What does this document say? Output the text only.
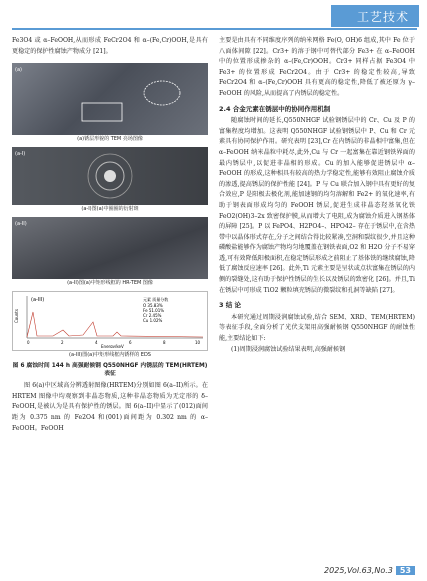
工艺技术

Fe3O4 或 α–FeOOH,从而形成 FeCr2O4 和 α–(Fe,Cr)OOH,是具有更稳定的保护性腐蚀产物成分 [21]。

(a)
(a)锈层形貌的 TEM 亮场图像
(a-I)
(a-I)图(a)中圈圈的衍射斑
(a-II)
(a-II)图(a)中矩形线框的 HR-TEM 图像
(a-III)	元素 质量分数
O 35.83%
Fe 51.01%
Cr 2.45%
Cu 1.02%
Counts
0	2	4	6	8	10
Energy/keV
(a-III)图(a)中矩形线框内锈样的 EDS
图 6 腐蚀时间 144 h 高强耐候钢 Q550NHGF 内锈层的 TEM(HRTEM)表征

图 6(a)中区域高分辨透射图像(HRTEM)分别如图 6(a–II)所示。在 HRTEM 图像中均观察到非晶态物质,这种非晶态物质为无定形的 δ–FeOOH,是被认为是具有保护性的锈层。图 6(a–II)中显示了(012)面间距为 0.375 nm 的 Fe2O4 和(001)面间距为 0.302 nm 的 α–FeOOH。FeOOH

主要是由具有不同维度序列的纳米网格 Fe(O, OH)6 组成,其中 Fe 位于八面体间隙 [22]。Cr3+ 的溶于钢中可替代部分 Fe3+ 在 α–FeOOH 中的位置形成掺杂的 α–(Fe,Cr)OOH。Cr3+ 同样占据 Fe3O4 中 Fe3+ 的位置形成 FeCr2O4。由于 Cr3+ 的稳定性较高,导致 FeCr2O4 和 α–(Fe,Cr)OOH 具有更高的稳定性,降低了被还原为 γ–FeOOH 的风险,从而提高了内锈层的稳定性。

2.4 合金元素在锈层中的协同作用机制

随腐蚀时间的延长,Q550NHGF 试验钢锈层中的 Cr、Cu 及 P 的富集程度均增加。这表明 Q550NHGF 试验钢锈层中 P、Cu 和 Cr 元素具有协同保护作用。研究表明 [23],Cr 在内锈层的非晶相中富集,但在 α–FeOOH 纳米晶粒中耗尽,此外,Cu 与 Cr 一起富集在靠近钢铁界面的最内锈层中,以促进非晶相的形成。Cu 的加入能够促进锈层中 α–FeOOH 的形成,这种相具有较高的热力学稳定性,能够有效阻止腐蚀介质的渗透,提高锈层的保护性能 [24]。P 与 Cu 联合加入钢中具有更好的复合效应,P 是阳极去极化剂,能加速钢的均匀溶解和 Fe2+ 的氧化速率,有助于钢表面形成均匀的 FeOOH 锈层,促进生成非晶态羟基氧化铁 FeO2(OH)3–2x 致密保护膜,从而增大了电阻,成为腐蚀介质进入钢基体的屏障 [25]。P 以 FePO4、H2PO4–、HPO42– 存在于锈层中,在含热带中以晶体形式存在,分子之间结合得比较紧凑,空洞和裂纹很少,并且这种磷酸盐能够作为腐蚀产物均匀地覆盖在钢铁表面,O2 和 H2O 分子不易穿透,可有效降低阳极面积,在稳定锈层形成之前阻止了基体铁的继续腐蚀,降低了腐蚀反应速率 [26]。此外,Ti 元素主要是呈状或点状富集在锈层的内侧的裂缝处,这有助于保护性锈层的生长以及锈层的致密化 [26]。并且,Ti 在锈层中可形成 TiO2 颗粒填充锈层的微裂纹和孔洞等缺陷 [27]。

3 结 论

本研究通过周期浸润腐蚀试验,结合 SEM、XRD、TEM(HRTEM)等表征手段,全面分析了光伏支架用高强耐候钢 Q550NHGF 的耐蚀性能,主要结论如下:

(1)周期浸润腐蚀试验结果表明,高强耐候钢

2025,Vol.63,No.3 53
